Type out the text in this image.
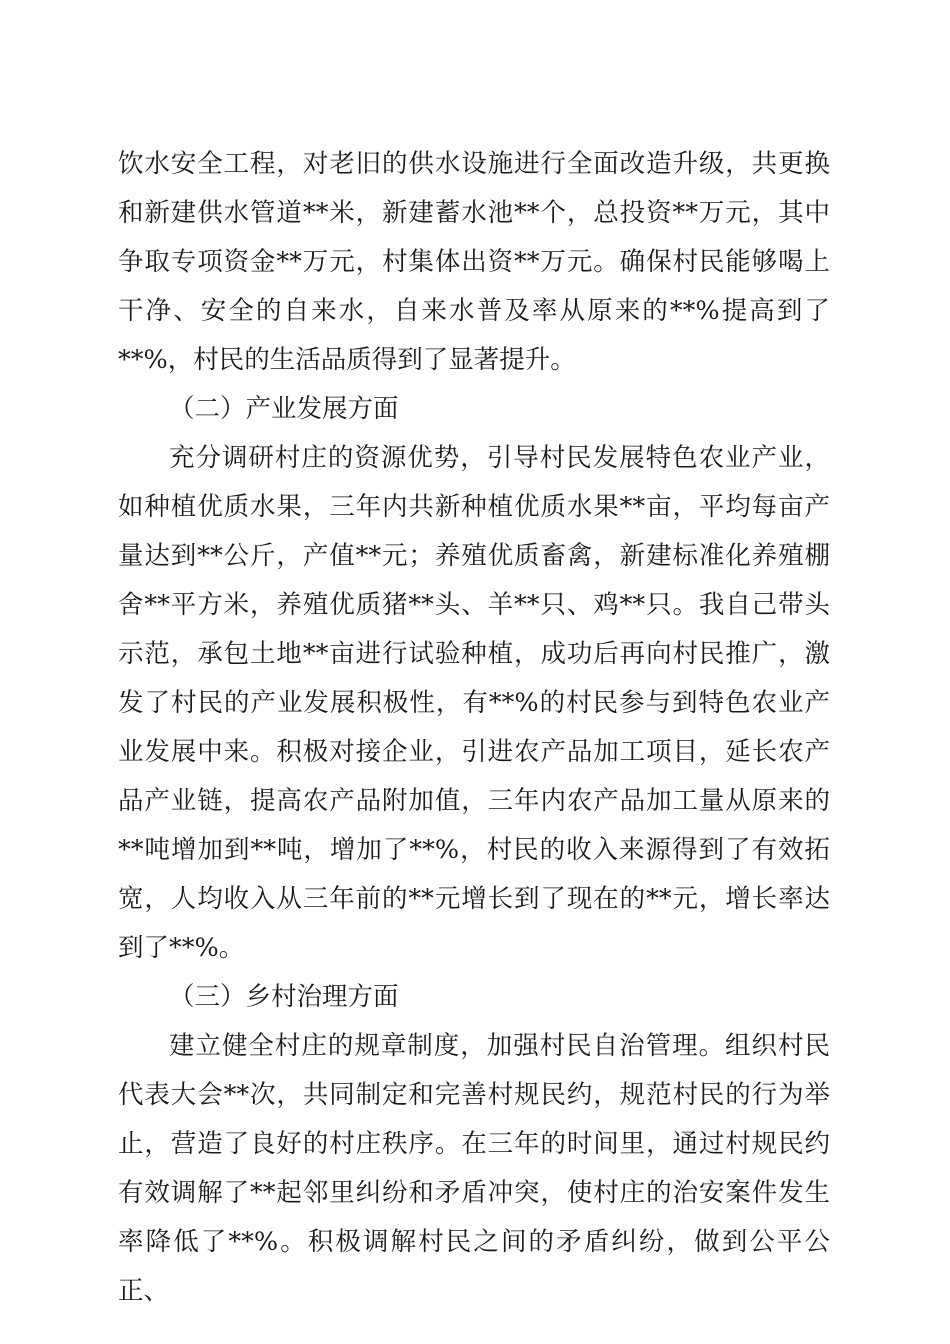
饮水安全工程，对老旧的供水设施进行全面改造升级，共更换和新建供水管道**米，新建蓄水池**个，总投资**万元，其中争取专项资金**万元，村集体出资**万元。确保村民能够喝上干净、安全的自来水，自来水普及率从原来的**%提高到了**%，村民的生活品质得到了显著提升。

（二）产业发展方面

充分调研村庄的资源优势，引导村民发展特色农业产业，如种植优质水果，三年内共新种植优质水果**亩，平均每亩产量达到**公斤，产值**元；养殖优质畜禽，新建标准化养殖棚舍**平方米，养殖优质猪**头、羊**只、鸡**只。我自己带头示范，承包土地**亩进行试验种植，成功后再向村民推广，激发了村民的产业发展积极性，有**%的村民参与到特色农业产业发展中来。积极对接企业，引进农产品加工项目，延长农产品产业链，提高农产品附加值，三年内农产品加工量从原来的**吨增加到**吨，增加了**%，村民的收入来源得到了有效拓宽，人均收入从三年前的**元增长到了现在的**元，增长率达到了**%。

（三）乡村治理方面

建立健全村庄的规章制度，加强村民自治管理。组织村民代表大会**次，共同制定和完善村规民约，规范村民的行为举止，营造了良好的村庄秩序。在三年的时间里，通过村规民约有效调解了**起邻里纠纷和矛盾冲突，使村庄的治安案件发生率降低了**%。积极调解村民之间的矛盾纠纷，做到公平公正、
